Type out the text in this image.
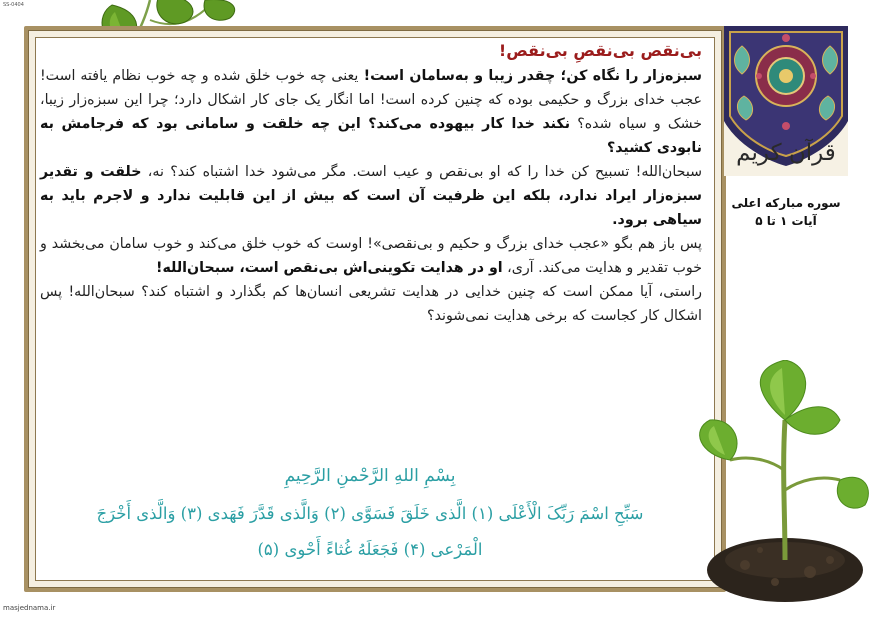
SS-0404

بی‌نقص بی‌نقصِ بی‌نقص!

سبزه‌زار را نگاه کن؛ چقدر زیبا و به‌سامان است! یعنی چه خوب خلق شده و چه خوب نظام یافته است! عجب خدای بزرگ و حکیمی بوده که چنین کرده است! اما انگار یک جای کار اشکال دارد؛ چرا این سبزه‌زار زیبا، خشک و سیاه شده؟ نکند خدا کار بیهوده می‌کند؟ این چه خلقت و سامانی بود که فرجامش به نابودی کشید؟

سبحان‌الله! تسبیح کن خدا را که او بی‌نقص و عیب است. مگر می‌شود خدا اشتباه کند؟ نه، خلقت و تقدیر سبزه‌زار ایراد ندارد، بلکه این ظرفیت آن است که بیش از این قابلیت ندارد و لاجرم باید به سیاهی برود.

پس باز هم بگو «عجب خدای بزرگ و حکیم و بی‌نقصی»! اوست که خوب خلق می‌کند و خوب سامان می‌بخشد و خوب تقدیر و هدایت می‌کند. آری، او در هدایت تکوینی‌اش بی‌نقص است، سبحان‌الله!

راستی، آیا ممکن است که چنین خدایی در هدایت تشریعی انسان‌ها کم بگذارد و اشتباه کند؟ سبحان‌الله! پس اشکال کار کجاست که برخی هدایت نمی‌شوند؟

بِسْمِ اللهِ الرَّحْمنِ الرَّحِیمِ
سَبِّحِ اسْمَ رَبِّکَ الْأَعْلَى (۱) الَّذی خَلَقَ فَسَوَّى (۲) وَالَّذی قَدَّرَ فَهَدى (۳) وَالَّذی أَخْرَجَ
الْمَرْعى (۴) فَجَعَلَهُ غُثاءً أَحْوى (۵)
قرآن کریم
سوره مبارکه اعلی
آیات ۱ تا ۵
masjednama.ir
